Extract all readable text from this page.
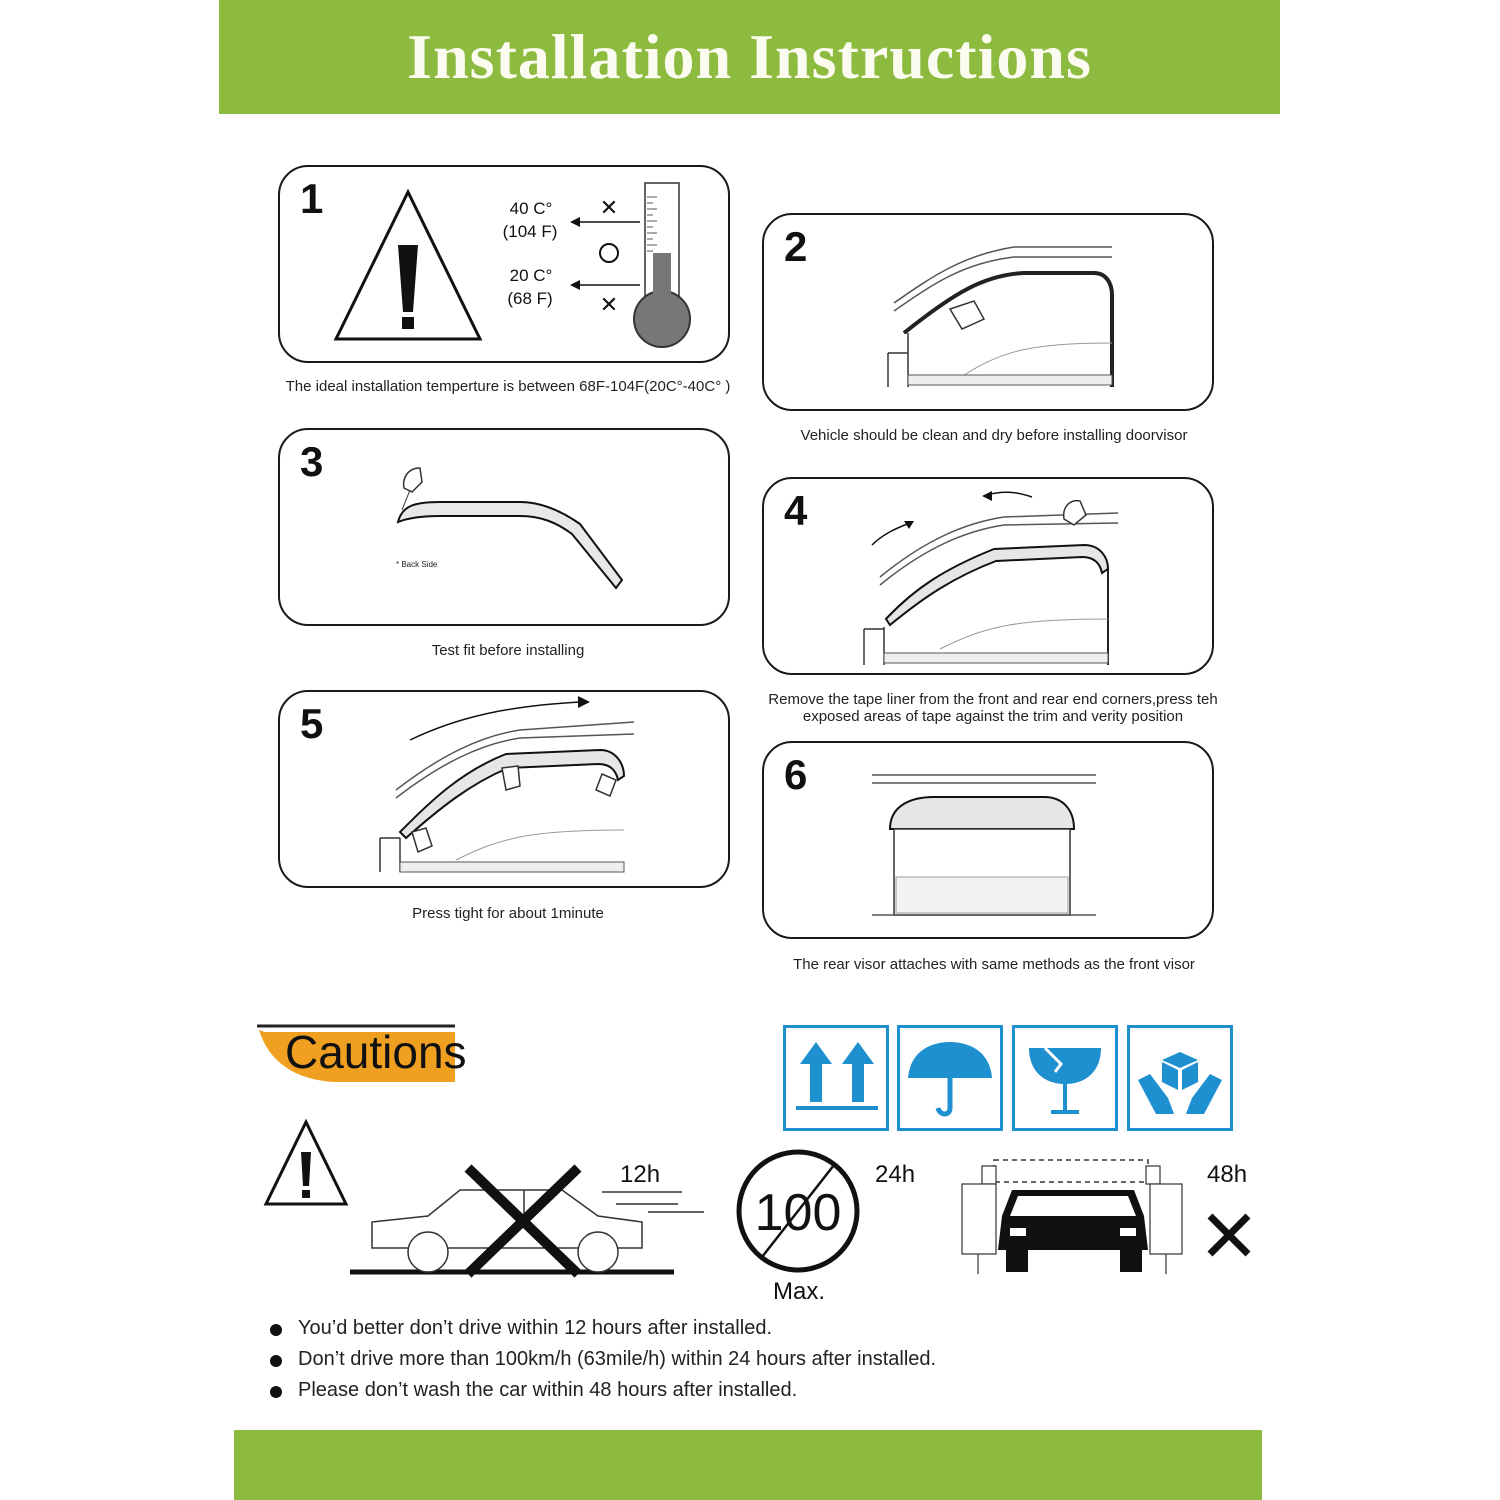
Installation Instructions
1	✕
✕
40 C°
(104 F)
20 C°
(68 F)
The ideal installation temperture is between 68F-104F(20C°-40C° )
2
Vehicle should be clean and dry before installing doorvisor
3
* Back Side
Test fit before installing
4
Remove the tape liner from the front and rear end corners,press teh
exposed areas of tape against the trim and verity position
5
Press tight for about 1minute
6
The rear visor attaches with same methods as the front visor
Cautions
12h
100
Max.
24h	48h
You’d better don’t drive within 12 hours after installed.
Don’t drive more than 100km/h (63mile/h) within 24 hours after installed.
Please don’t wash the car within 48 hours after installed.
